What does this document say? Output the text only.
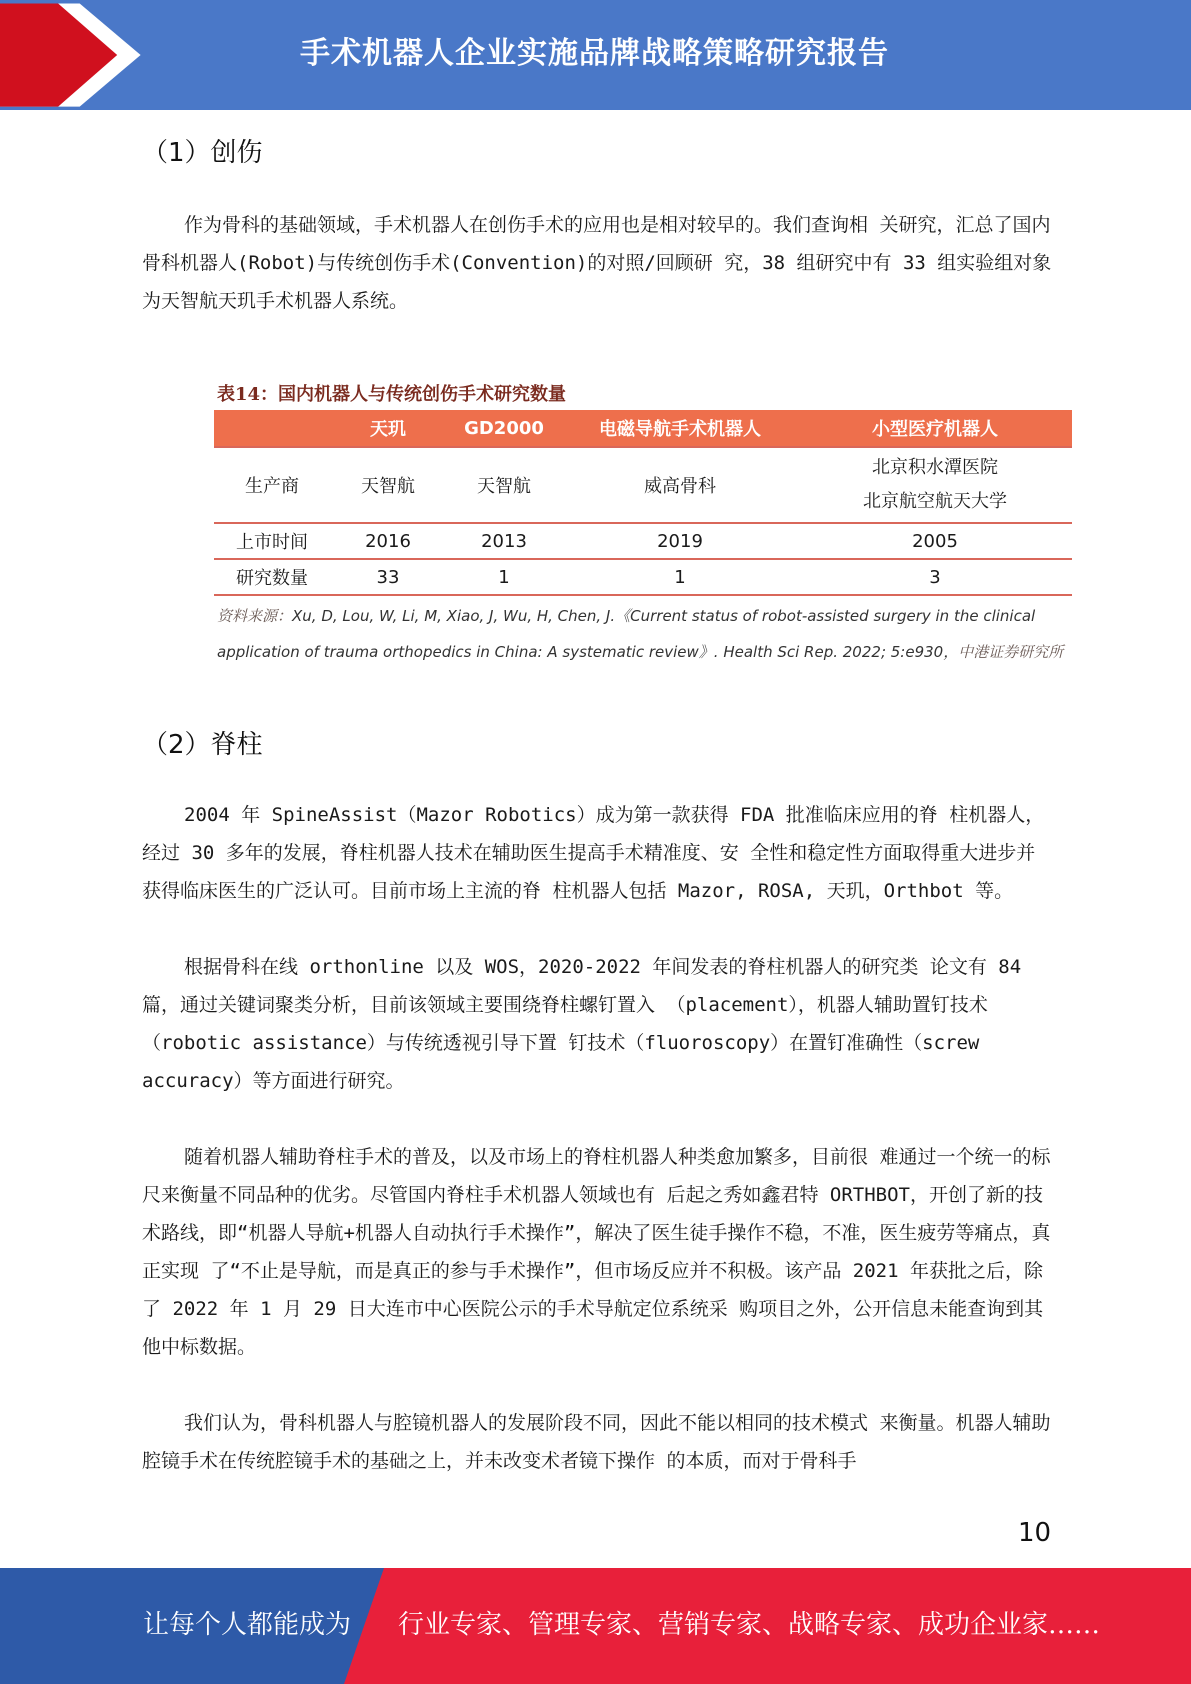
手术机器人企业实施品牌战略策略研究报告
（1）创伤

作为骨科的基础领域，手术机器人在创伤手术的应用也是相对较早的。我们查询相 关研究，汇总了国内骨科机器人(Robot)与传统创伤手术(Convention)的对照/回顾研 究，38 组研究中有 33 组实验组对象为天智航天玑手术机器人系统。

表14：国内机器人与传统创伤手术研究数量
	天玑	GD2000	电磁导航手术机器人	小型医疗机器人
生产商	天智航	天智航	威高骨科	北京积水潭医院
北京航空航天大学

上市时间	2016	2013	2019	2005
研究数量	33	1	1	3
资料来源：Xu, D, Lou, W, Li, M, Xiao, J, Wu, H, Chen, J.《Current status of robot-assisted surgery in the clinical application of trauma orthopedics in China: A systematic review》. Health Sci Rep. 2022; 5:e930，中港证券研究所
（2）脊柱

2004 年 SpineAssist（Mazor Robotics）成为第一款获得 FDA 批准临床应用的脊 柱机器人，经过 30 多年的发展，脊柱机器人技术在辅助医生提高手术精准度、安 全性和稳定性方面取得重大进步并获得临床医生的广泛认可。目前市场上主流的脊 柱机器人包括 Mazor, ROSA, 天玑，Orthbot 等。

根据骨科在线 orthonline 以及 WOS，2020-2022 年间发表的脊柱机器人的研究类 论文有 84 篇，通过关键词聚类分析，目前该领域主要围绕脊柱螺钉置入 （placement），机器人辅助置钉技术（robotic assistance）与传统透视引导下置 钉技术（fluoroscopy）在置钉准确性（screw accuracy）等方面进行研究。

随着机器人辅助脊柱手术的普及，以及市场上的脊柱机器人种类愈加繁多，目前很 难通过一个统一的标尺来衡量不同品种的优劣。尽管国内脊柱手术机器人领域也有 后起之秀如鑫君特 ORTHBOT，开创了新的技术路线，即“机器人导航+机器人自动执行手术操作”，解决了医生徒手操作不稳，不准，医生疲劳等痛点，真正实现 了“不止是导航，而是真正的参与手术操作”，但市场反应并不积极。该产品 2021 年获批之后，除了 2022 年 1 月 29 日大连市中心医院公示的手术导航定位系统采 购项目之外，公开信息未能查询到其他中标数据。

我们认为，骨科机器人与腔镜机器人的发展阶段不同，因此不能以相同的技术模式 来衡量。机器人辅助腔镜手术在传统腔镜手术的基础之上，并未改变术者镜下操作 的本质，而对于骨科手

10
让每个人都能成为 行业专家、管理专家、营销专家、战略专家、成功企业家……
